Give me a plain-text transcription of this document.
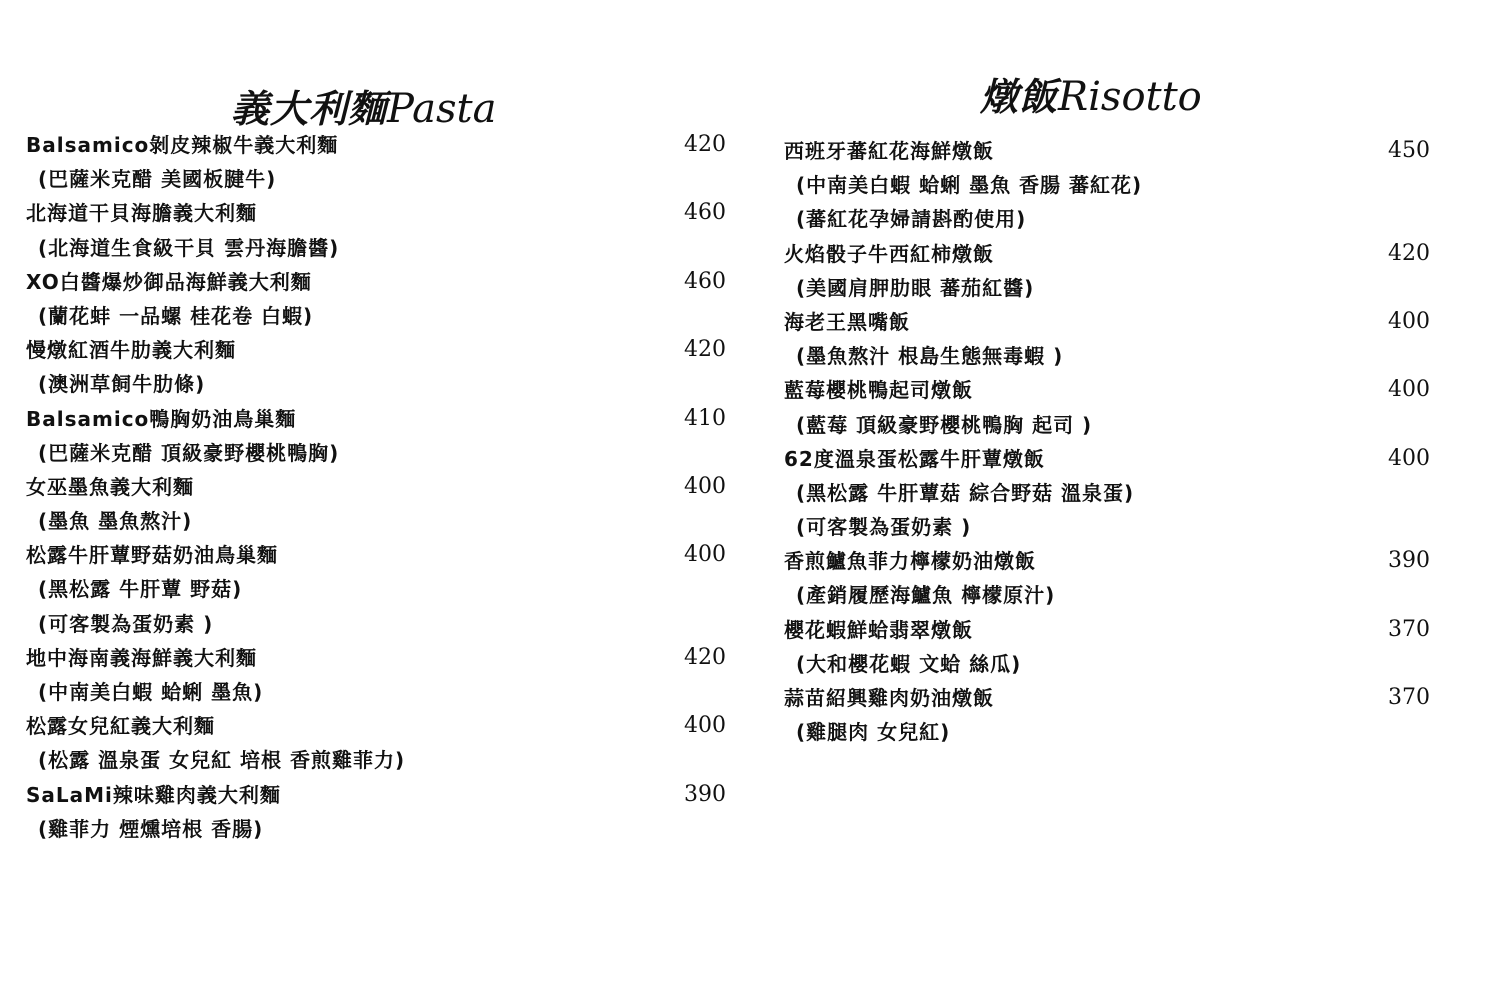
義大利麵Pasta
Balsamico剝皮辣椒牛義大利麵	420
(巴薩米克醋 美國板腱牛)
北海道干貝海膽義大利麵	460
(北海道生食級干貝 雲丹海膽醬)
XO白醬爆炒御品海鮮義大利麵	460
(蘭花蚌 一品螺 桂花卷 白蝦)
慢燉紅酒牛肋義大利麵	420
(澳洲草飼牛肋條)
Balsamico鴨胸奶油鳥巢麵	410
(巴薩米克醋 頂級豪野櫻桃鴨胸)
女巫墨魚義大利麵	400
(墨魚 墨魚熬汁)
松露牛肝蕈野菇奶油鳥巢麵	400
(黑松露 牛肝蕈 野菇)
(可客製為蛋奶素 )
地中海南義海鮮義大利麵	420
(中南美白蝦 蛤蜊 墨魚)
松露女兒紅義大利麵	400
(松露 溫泉蛋 女兒紅 培根 香煎雞菲力)
SaLaMi辣味雞肉義大利麵	390
(雞菲力 煙燻培根 香腸)
燉飯Risotto
西班牙蕃紅花海鮮燉飯	450
(中南美白蝦 蛤蜊 墨魚 香腸 蕃紅花)
(蕃紅花孕婦請斟酌使用)
火焰骰子牛西紅柿燉飯	420
(美國肩胛肋眼 蕃茄紅醬)
海老王黑嘴飯	400
(墨魚熬汁 根島生態無毒蝦 )
藍莓櫻桃鴨起司燉飯	400
(藍莓 頂級豪野櫻桃鴨胸 起司 )
62度溫泉蛋松露牛肝蕈燉飯	400
(黑松露 牛肝蕈菇 綜合野菇 溫泉蛋)
(可客製為蛋奶素 )
香煎鱸魚菲力檸檬奶油燉飯	390
(產銷履歷海鱸魚 檸檬原汁)
櫻花蝦鮮蛤翡翠燉飯	370
(大和櫻花蝦 文蛤 絲瓜)
蒜苗紹興雞肉奶油燉飯	370
(雞腿肉 女兒紅)
